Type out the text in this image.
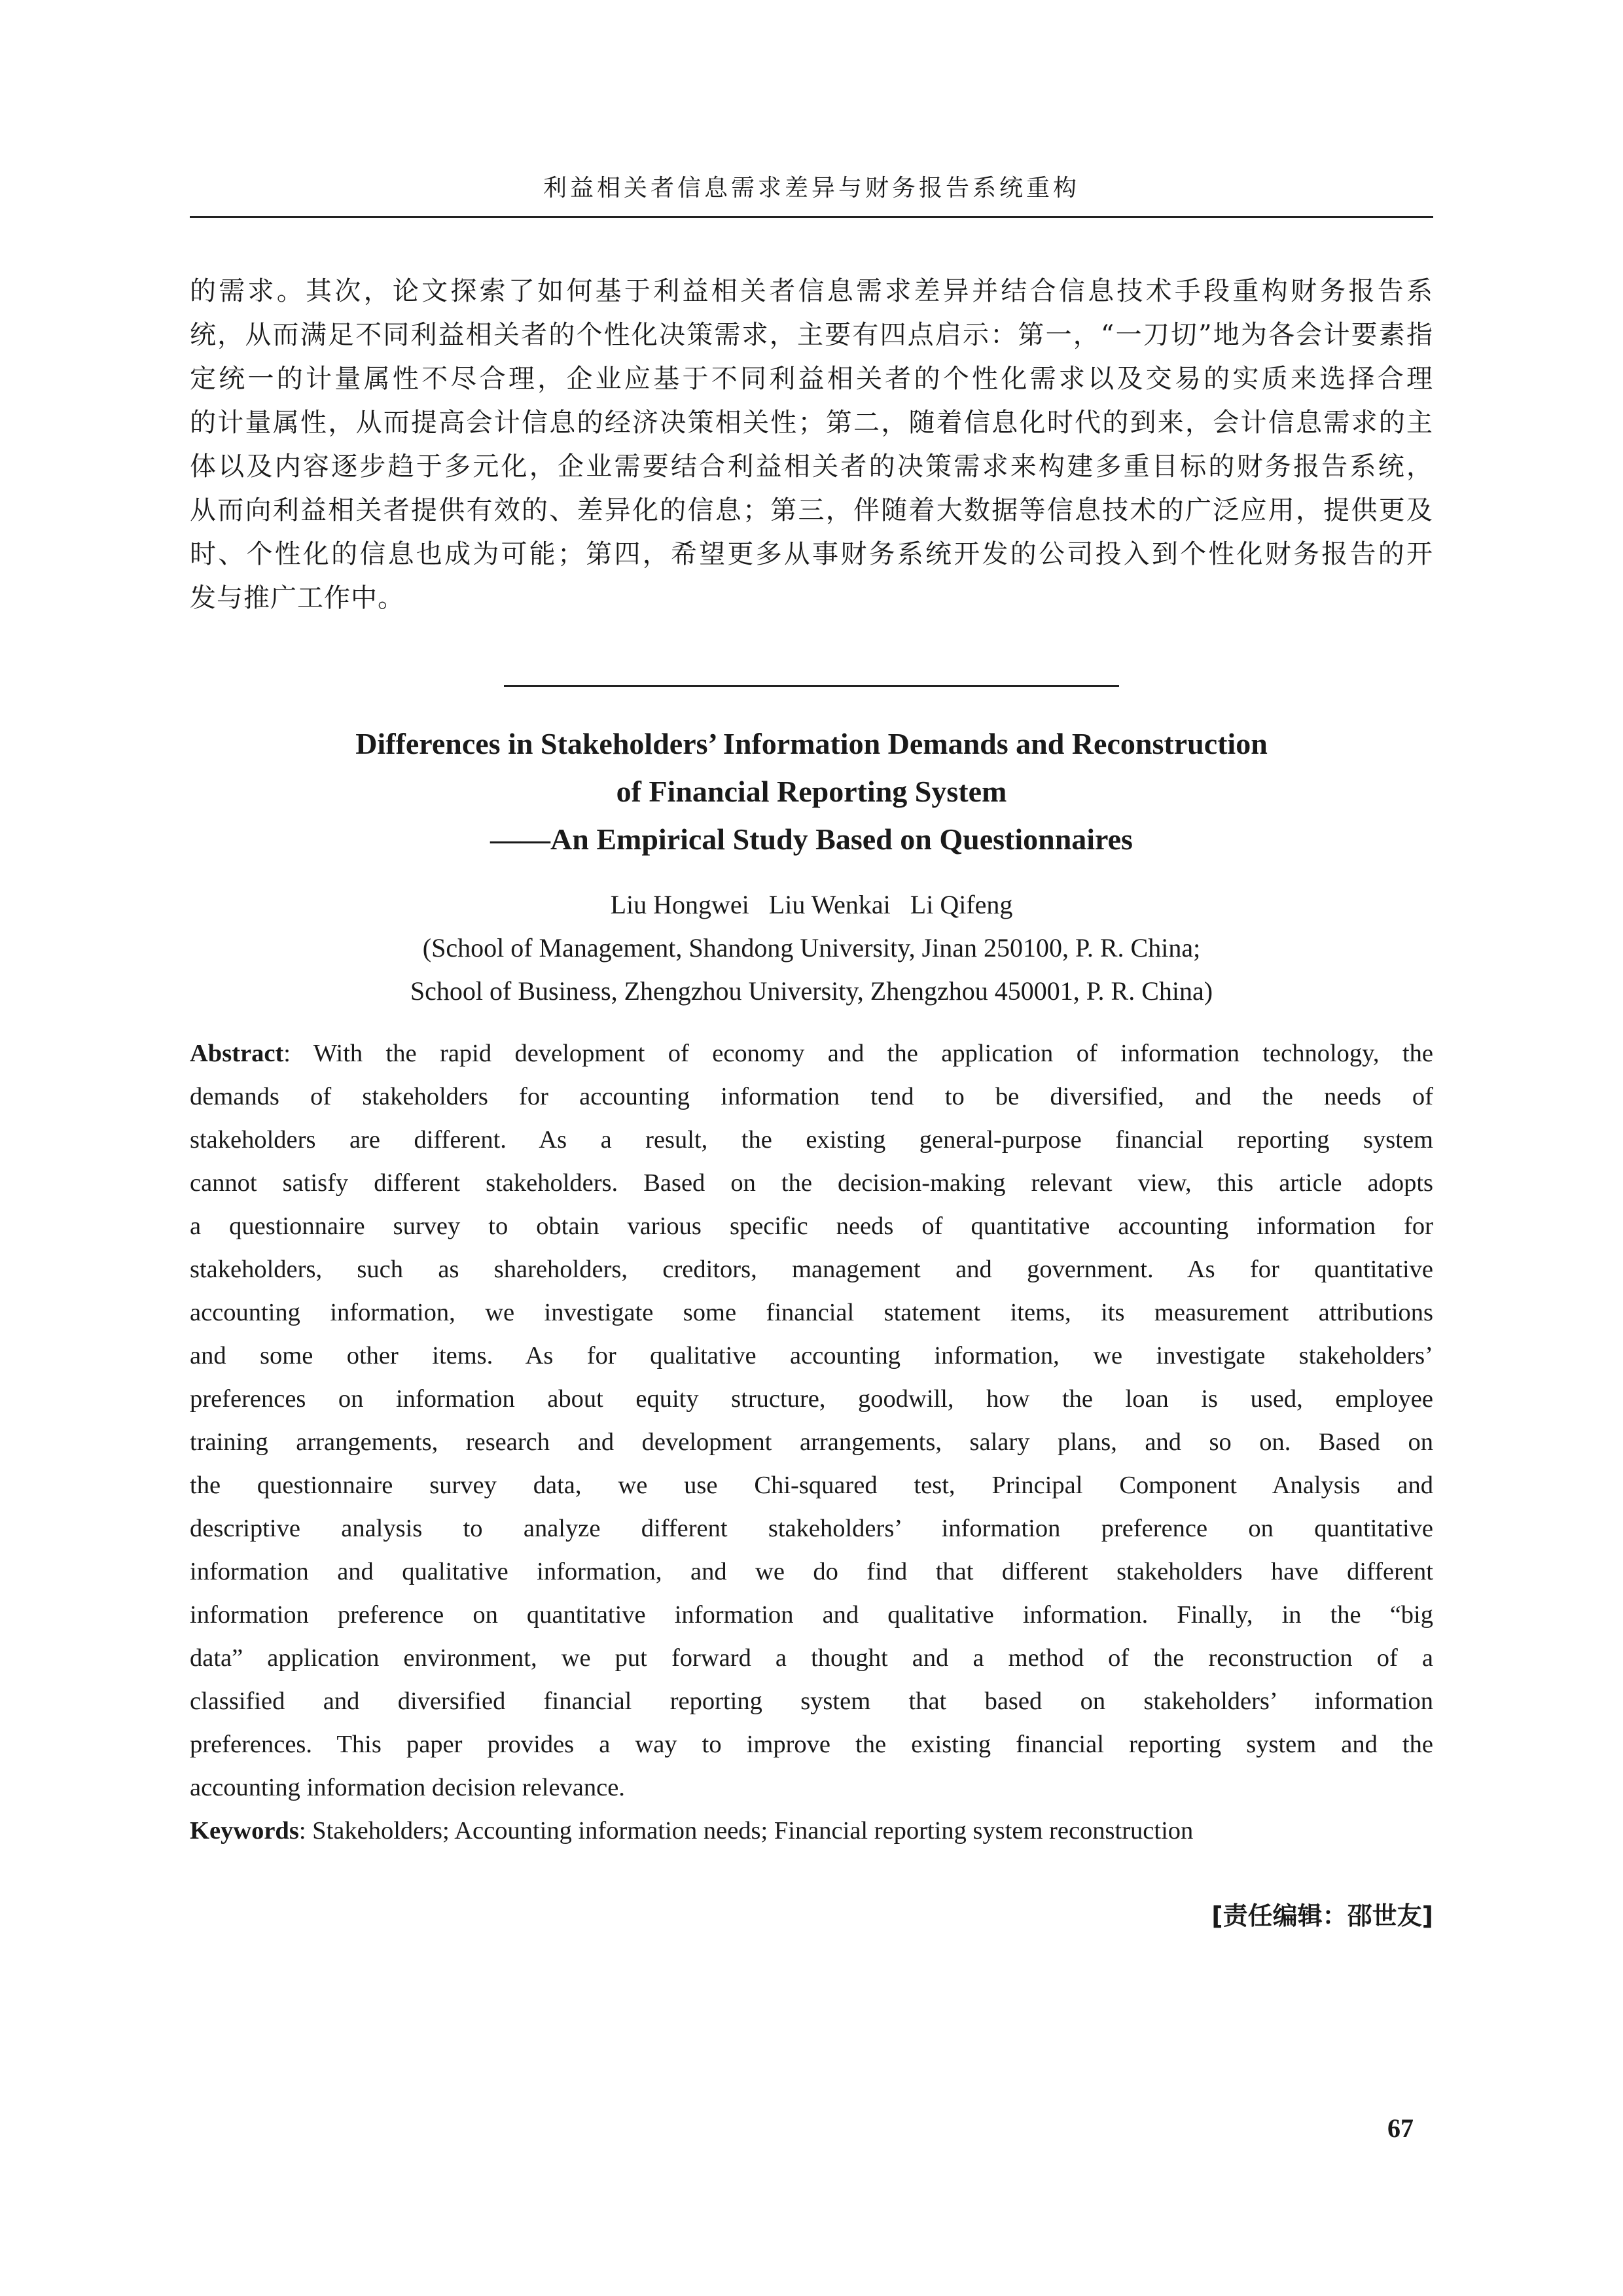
利益相关者信息需求差异与财务报告系统重构
的需求。其次，论文探索了如何基于利益相关者信息需求差异并结合信息技术手段重构财务报告系
统，从而满足不同利益相关者的个性化决策需求，主要有四点启示：第一，“一刀切”地为各会计要素指
定统一的计量属性不尽合理，企业应基于不同利益相关者的个性化需求以及交易的实质来选择合理
的计量属性，从而提高会计信息的经济决策相关性；第二，随着信息化时代的到来，会计信息需求的主
体以及内容逐步趋于多元化，企业需要结合利益相关者的决策需求来构建多重目标的财务报告系统，
从而向利益相关者提供有效的、差异化的信息；第三，伴随着大数据等信息技术的广泛应用，提供更及
时、个性化的信息也成为可能；第四，希望更多从事财务系统开发的公司投入到个性化财务报告的开
发与推广工作中。
Differences in Stakeholders’ Information Demands and Reconstruction
of Financial Reporting System
——An Empirical Study Based on Questionnaires
Liu Hongwei   Liu Wenkai   Li Qifeng
(School of Management, Shandong University, Jinan 250100, P. R. China;
School of Business, Zhengzhou University, Zhengzhou 450001, P. R. China)
Abstract: With the rapid development of economy and the application of information technology, the
demands of stakeholders for accounting information tend to be diversified, and the needs of
stakeholders are different. As a result, the existing general-purpose financial reporting system
cannot satisfy different stakeholders. Based on the decision-making relevant view, this article adopts
a questionnaire survey to obtain various specific needs of quantitative accounting information for
stakeholders, such as shareholders, creditors, management and government. As for quantitative
accounting information, we investigate some financial statement items, its measurement attributions
and some other items. As for qualitative accounting information, we investigate stakeholders’
preferences on information about equity structure, goodwill, how the loan is used, employee
training arrangements, research and development arrangements, salary plans, and so on. Based on
the questionnaire survey data, we use Chi-squared test, Principal Component Analysis and
descriptive analysis to analyze different stakeholders’ information preference on quantitative
information and qualitative information, and we do find that different stakeholders have different
information preference on quantitative information and qualitative information. Finally, in the “big
data” application environment, we put forward a thought and a method of the reconstruction of a
classified and diversified financial reporting system that based on stakeholders’ information
preferences. This paper provides a way to improve the existing financial reporting system and the
accounting information decision relevance.
Keywords: Stakeholders; Accounting information needs; Financial reporting system reconstruction
[责任编辑：邵世友]
67
